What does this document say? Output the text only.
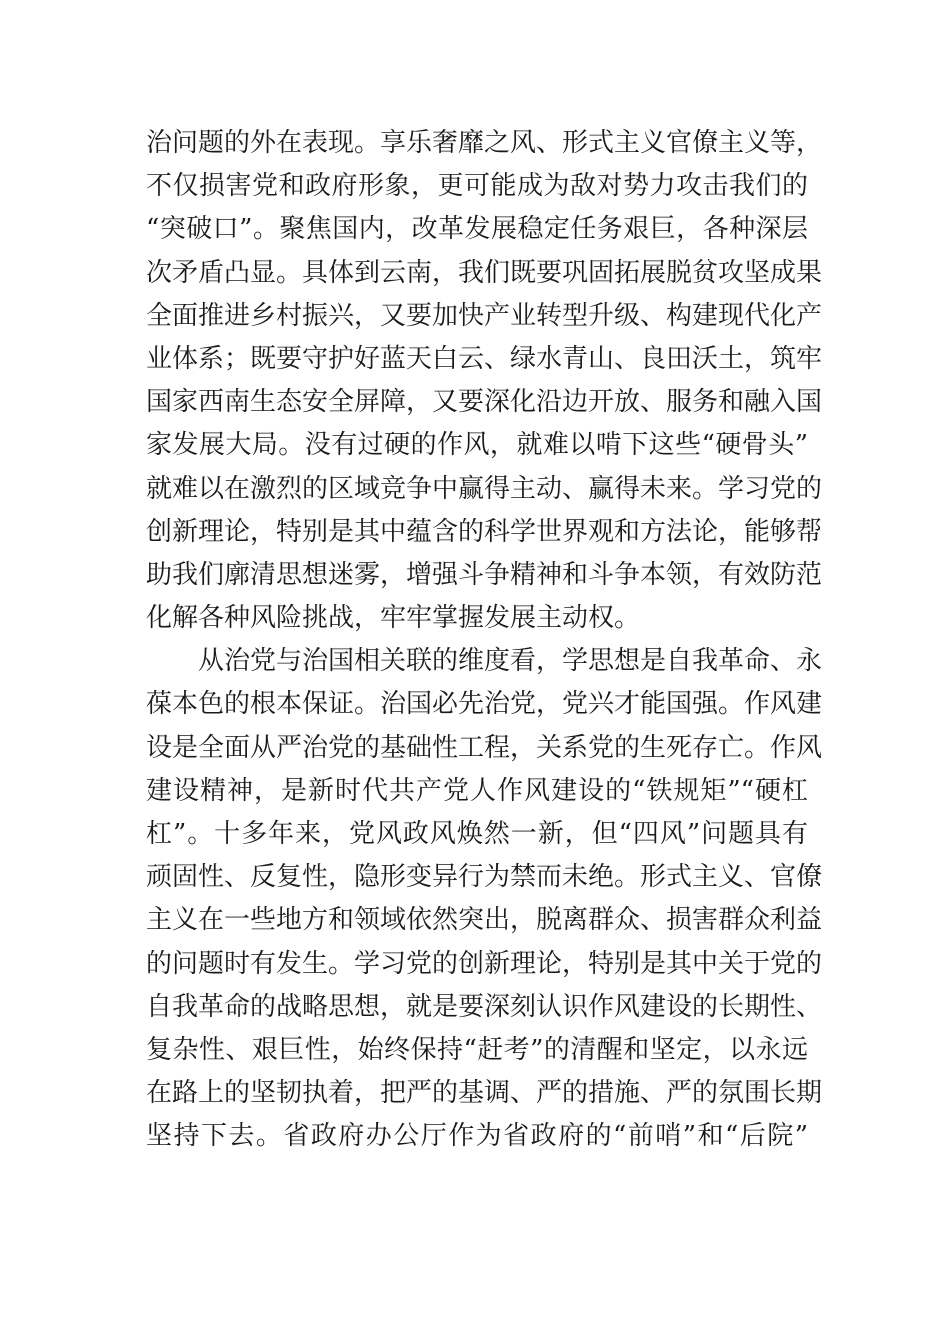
治问题的外在表现。享乐奢靡之风、形式主义官僚主义等，
不仅损害党和政府形象，更可能成为敌对势力攻击我们的
“突破口”。聚焦国内，改革发展稳定任务艰巨，各种深层
次矛盾凸显。具体到云南，我们既要巩固拓展脱贫攻坚成果
全面推进乡村振兴，又要加快产业转型升级、构建现代化产
业体系；既要守护好蓝天白云、绿水青山、良田沃土，筑牢
国家西南生态安全屏障，又要深化沿边开放、服务和融入国
家发展大局。没有过硬的作风，就难以啃下这些“硬骨头”
就难以在激烈的区域竞争中赢得主动、赢得未来。学习党的
创新理论，特别是其中蕴含的科学世界观和方法论，能够帮
助我们廓清思想迷雾，增强斗争精神和斗争本领，有效防范
化解各种风险挑战，牢牢掌握发展主动权。
从治党与治国相关联的维度看，学思想是自我革命、永
葆本色的根本保证。治国必先治党，党兴才能国强。作风建
设是全面从严治党的基础性工程，关系党的生死存亡。作风
建设精神，是新时代共产党人作风建设的“铁规矩”“硬杠
杠”。十多年来，党风政风焕然一新，但“四风”问题具有
顽固性、反复性，隐形变异行为禁而未绝。形式主义、官僚
主义在一些地方和领域依然突出，脱离群众、损害群众利益
的问题时有发生。学习党的创新理论，特别是其中关于党的
自我革命的战略思想，就是要深刻认识作风建设的长期性、
复杂性、艰巨性，始终保持“赶考”的清醒和坚定，以永远
在路上的坚韧执着，把严的基调、严的措施、严的氛围长期
坚持下去。省政府办公厅作为省政府的“前哨”和“后院”
